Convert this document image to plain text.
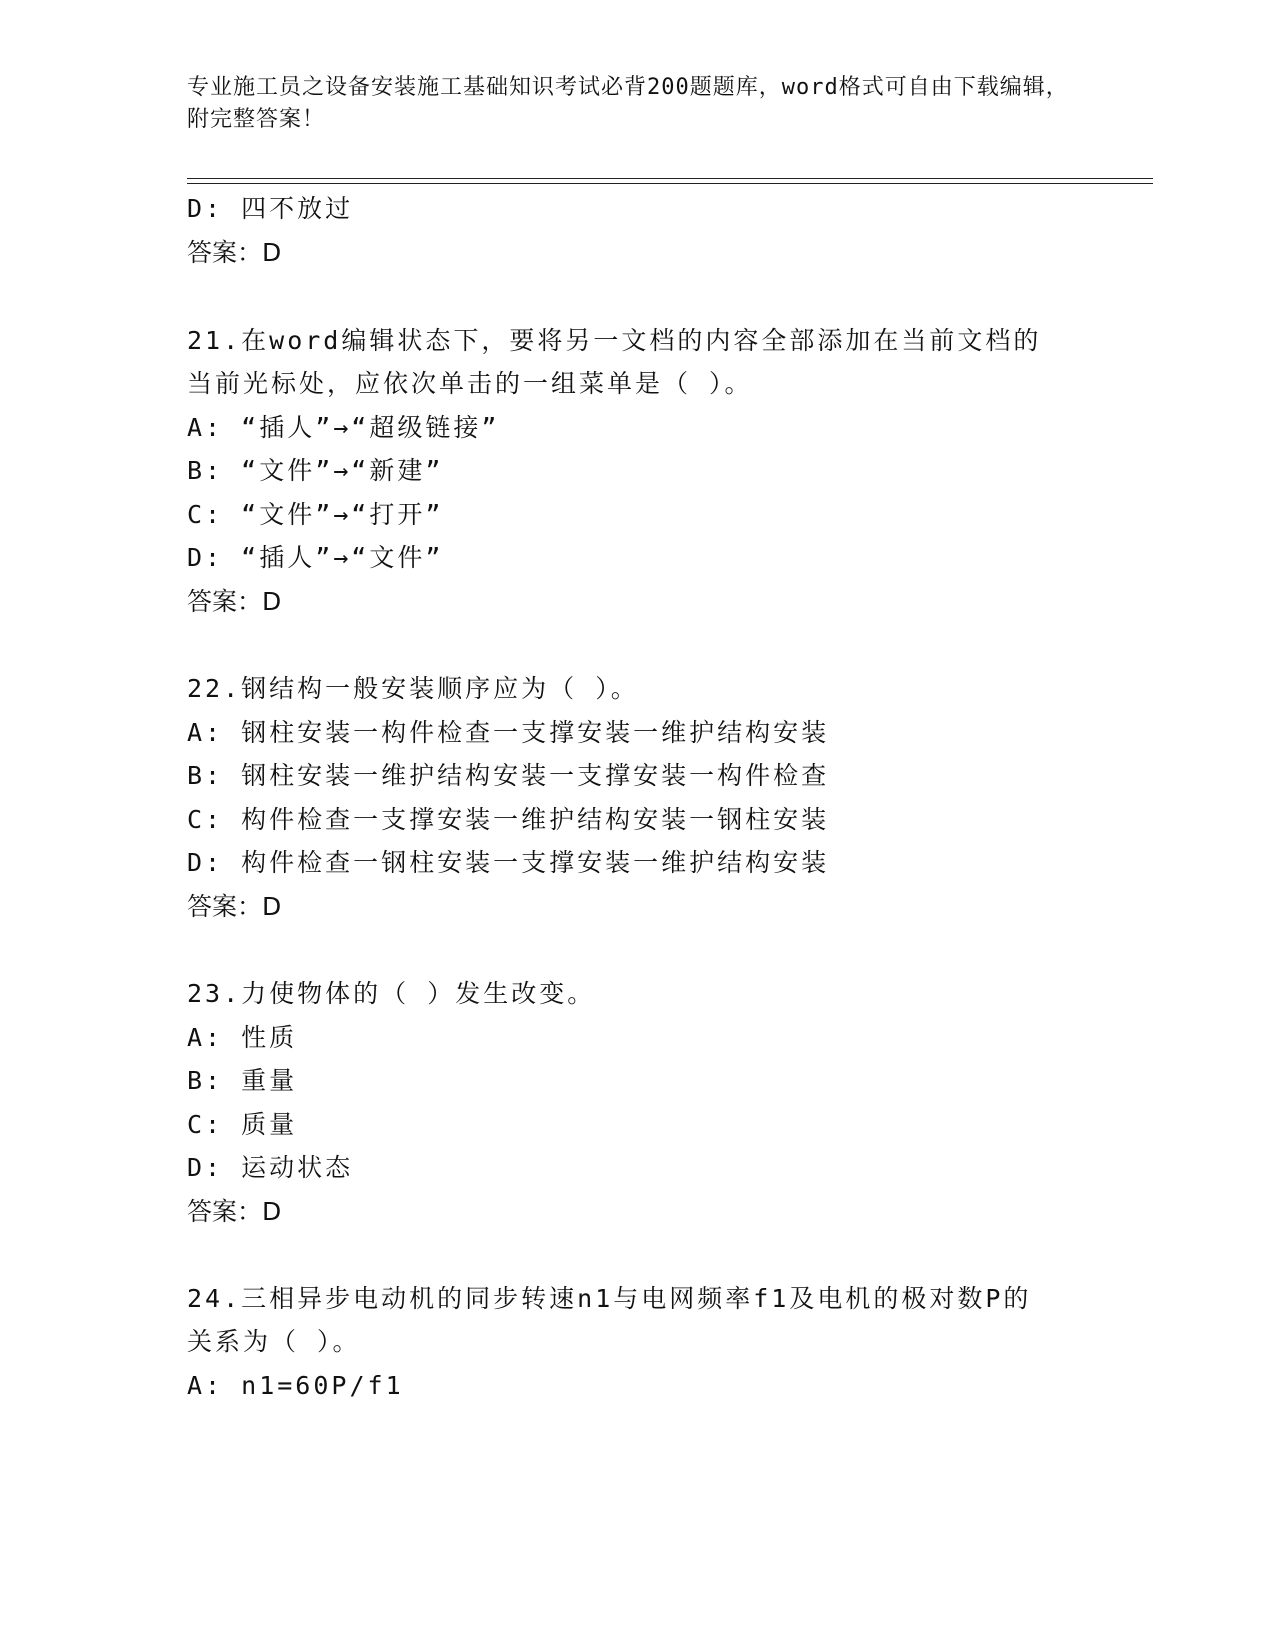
专业施工员之设备安装施工基础知识考试必背200题题库，word格式可自由下载编辑，附完整答案！
D: 四不放过
答案：D
21.在word编辑状态下，要将另一文档的内容全部添加在当前文档的
当前光标处，应依次单击的一组菜单是（ ）。
A: “插人”→“超级链接”
B: “文件”→“新建”
C: “文件”→“打开”
D: “插人”→“文件”
答案：D
22.钢结构一般安装顺序应为（ ）。
A: 钢柱安装一构件检查一支撑安装一维护结构安装
B: 钢柱安装一维护结构安装一支撑安装一构件检查
C: 构件检查一支撑安装一维护结构安装一钢柱安装
D: 构件检查一钢柱安装一支撑安装一维护结构安装
答案：D
23.力使物体的（ ）发生改变。
A: 性质
B: 重量
C: 质量
D: 运动状态
答案：D
24.三相异步电动机的同步转速n1与电网频率f1及电机的极对数P的
关系为（ ）。
A: n1=60P/f1
